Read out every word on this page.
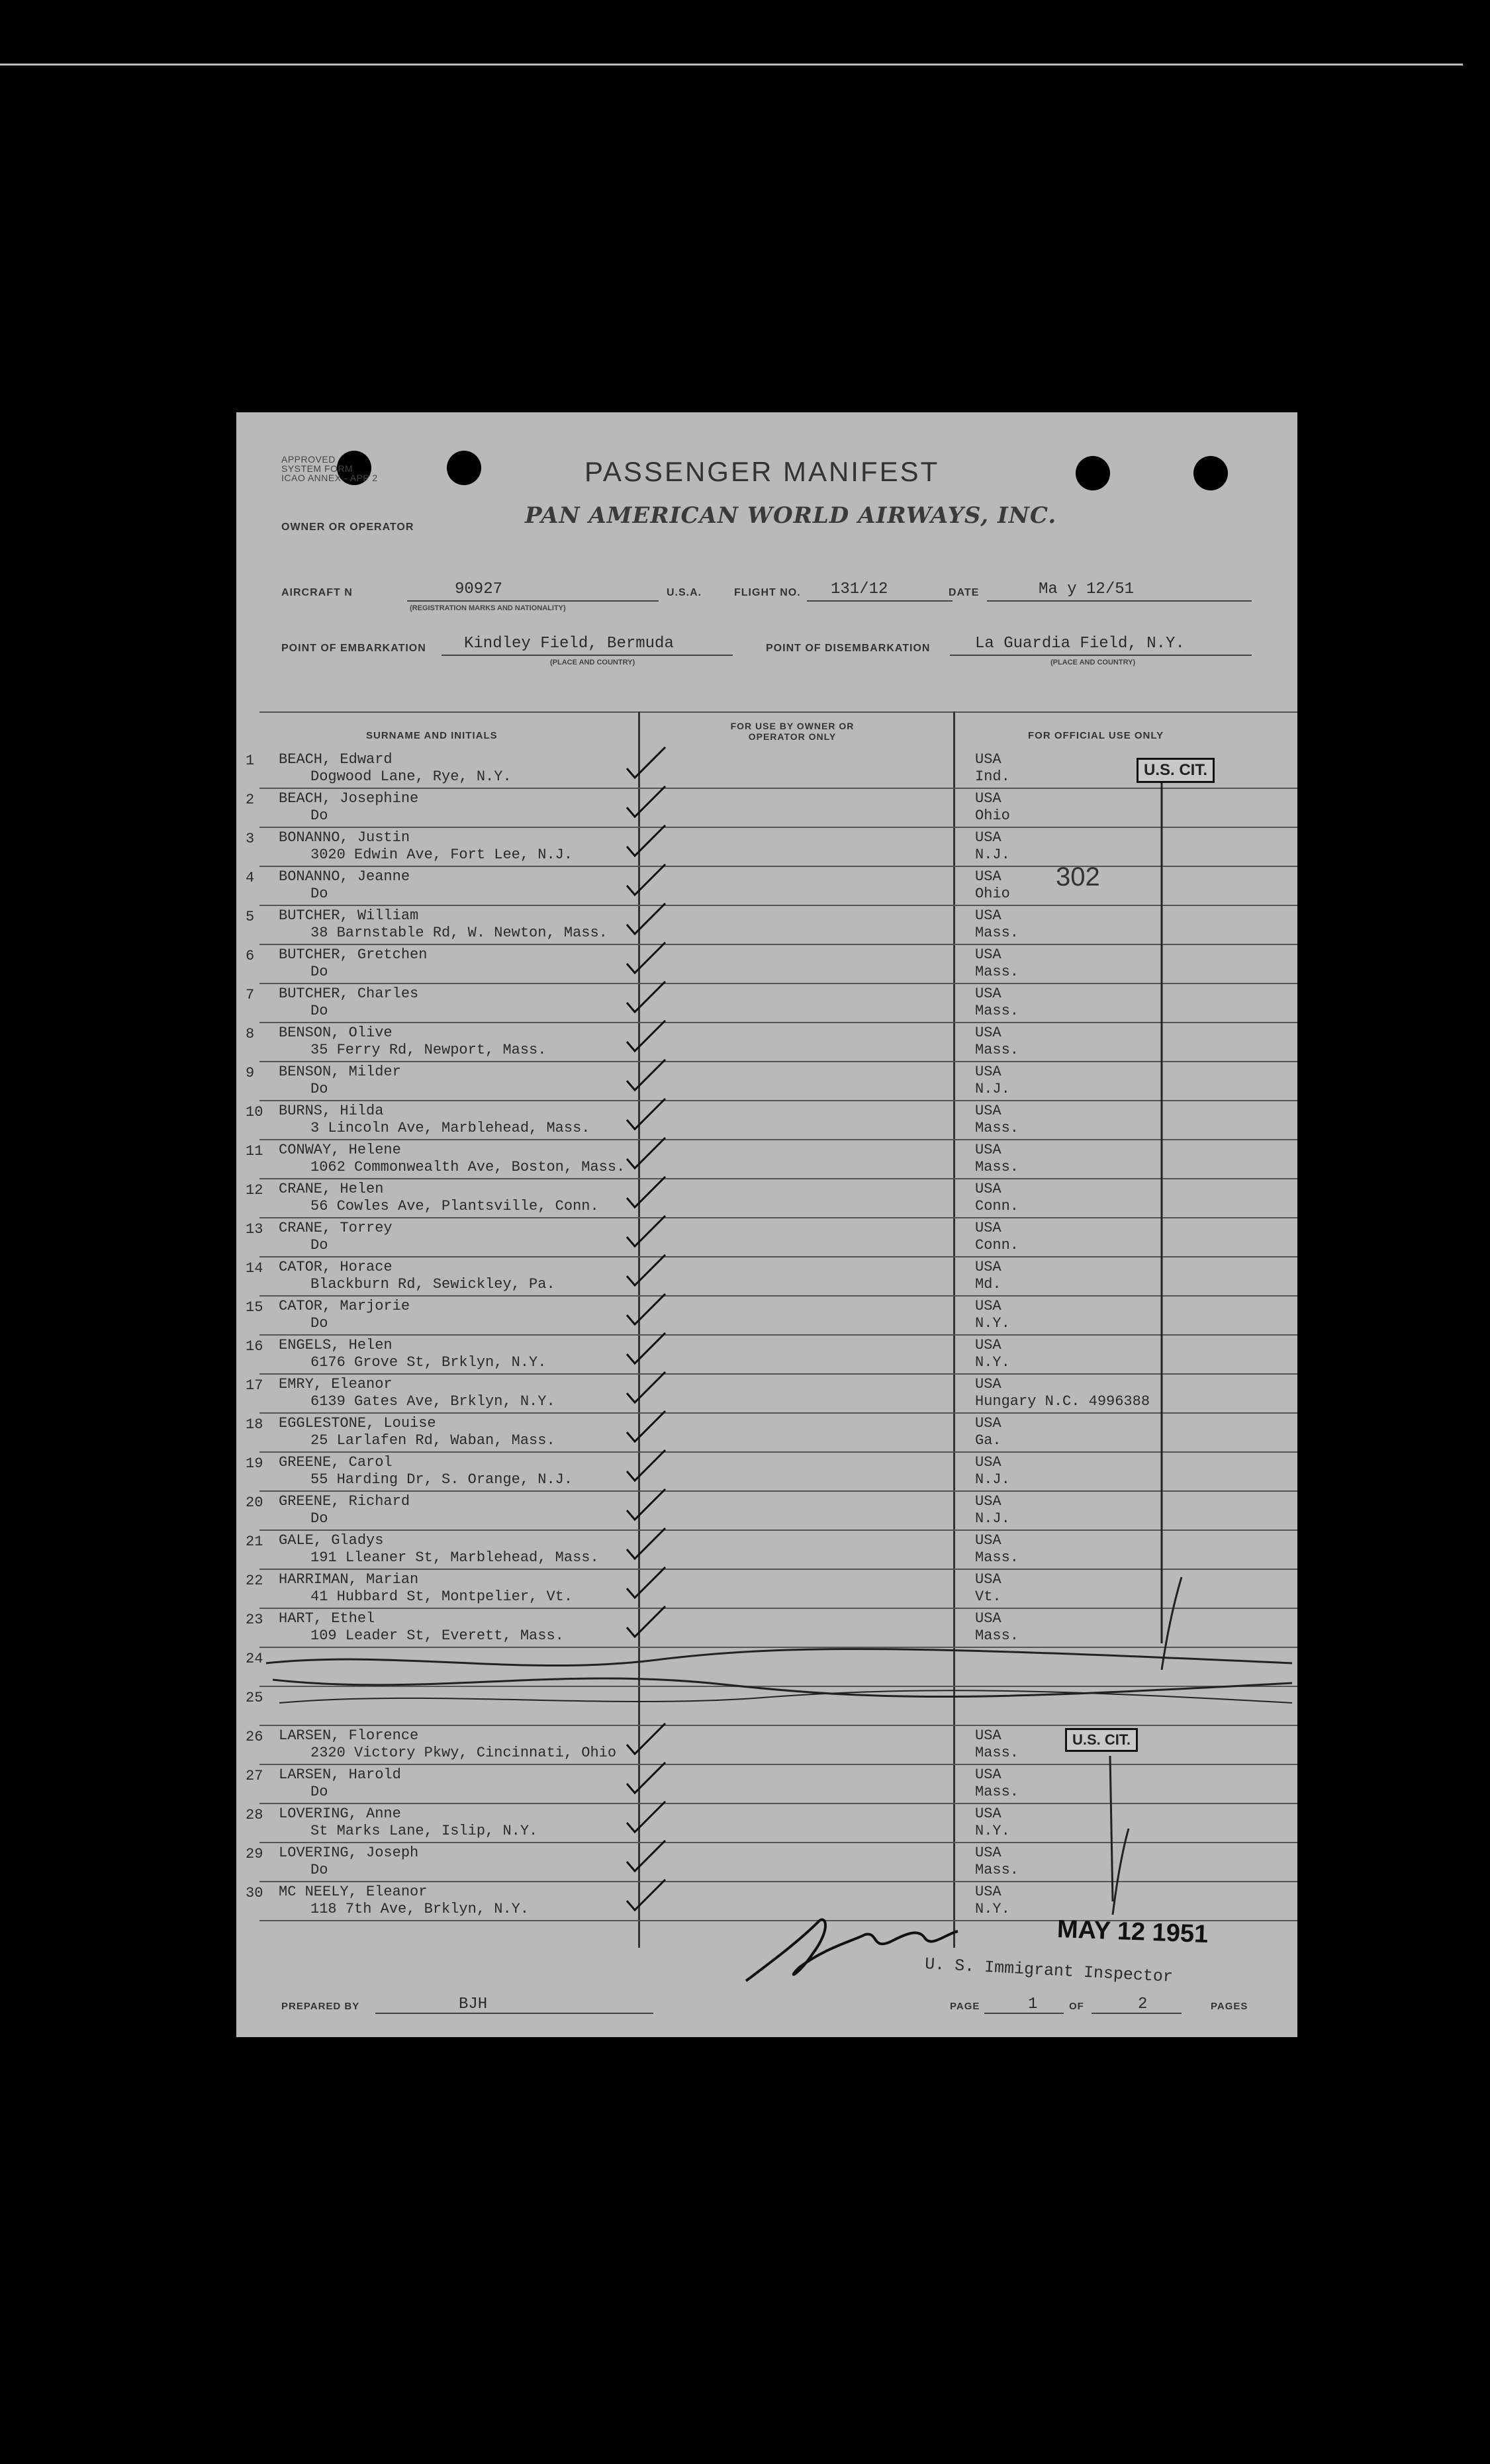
APPROVED
SYSTEM FORM
ICAO ANNEX - APP 2	PASSENGER MANIFEST
PAN AMERICAN WORLD AIRWAYS, INC.
OWNER OR OPERATOR
AIRCRAFT N	90927
(REGISTRATION MARKS AND NATIONALITY)
U.S.A.	FLIGHT NO. 131/12	DATE	Ma y 12/51
POINT OF EMBARKATION Kindley Field, Bermuda
(PLACE AND COUNTRY)
POINT OF DISEMBARKATION	La Guardia Field, N.Y.
(PLACE AND COUNTRY)
SURNAME AND INITIALS
FOR USE BY OWNER OR OPERATOR ONLY	FOR OFFICIAL USE ONLY
1 BEACH, Edward
Dogwood Lane, Rye, N.Y.
USA
Ind.
2 BEACH, Josephine
Do
USA
Ohio
3 BONANNO, Justin
3020 Edwin Ave, Fort Lee, N.J.
USA
N.J.
4 BONANNO, Jeanne
Do
USA
Ohio
5 BUTCHER, William
38 Barnstable Rd, W. Newton, Mass.
USA
Mass.
6 BUTCHER, Gretchen
Do
USA
Mass.
7 BUTCHER, Charles
Do
USA
Mass.
8 BENSON, Olive
35 Ferry Rd, Newport, Mass.
USA
Mass.
9 BENSON, Milder
Do
USA
N.J.
10 BURNS, Hilda
3 Lincoln Ave, Marblehead, Mass.
USA
Mass.
11 CONWAY, Helene
1062 Commonwealth Ave, Boston, Mass.
USA
Mass.
12 CRANE, Helen
56 Cowles Ave, Plantsville, Conn.
USA
Conn.
13 CRANE, Torrey
Do
USA
Conn.
14 CATOR, Horace
Blackburn Rd, Sewickley, Pa.
USA
Md.
15 CATOR, Marjorie
Do
USA
N.Y.
16 ENGELS, Helen
6176 Grove St, Brklyn, N.Y.
USA
N.Y.
17 EMRY, Eleanor
6139 Gates Ave, Brklyn, N.Y.
USA
Hungary N.C. 4996388
18 EGGLESTONE, Louise
25 Larlafen Rd, Waban, Mass.
USA
Ga.
19 GREENE, Carol
55 Harding Dr, S. Orange, N.J.
USA
N.J.
20 GREENE, Richard
Do
USA
N.J.
21 GALE, Gladys
191 Lleaner St, Marblehead, Mass.
USA
Mass.
22 HARRIMAN, Marian
41 Hubbard St, Montpelier, Vt.
USA
Vt.
23 HART, Ethel
109 Leader St, Everett, Mass.
USA
Mass.
24
25
26 LARSEN, Florence
2320 Victory Pkwy, Cincinnati, Ohio
USA
Mass.
27 LARSEN, Harold
Do
USA
Mass.
28 LOVERING, Anne
St Marks Lane, Islip, N.Y.
USA
N.Y.
29 LOVERING, Joseph
Do
USA
Mass.
30 MC NEELY, Eleanor
118 7th Ave, Brklyn, N.Y.
USA
N.Y.
U.S. CIT.
U.S. CIT.
302
MAY 12 1951
U. S. Immigrant Inspector
PREPARED BY	BJH	PAGE	1	OF	2	PAGES
